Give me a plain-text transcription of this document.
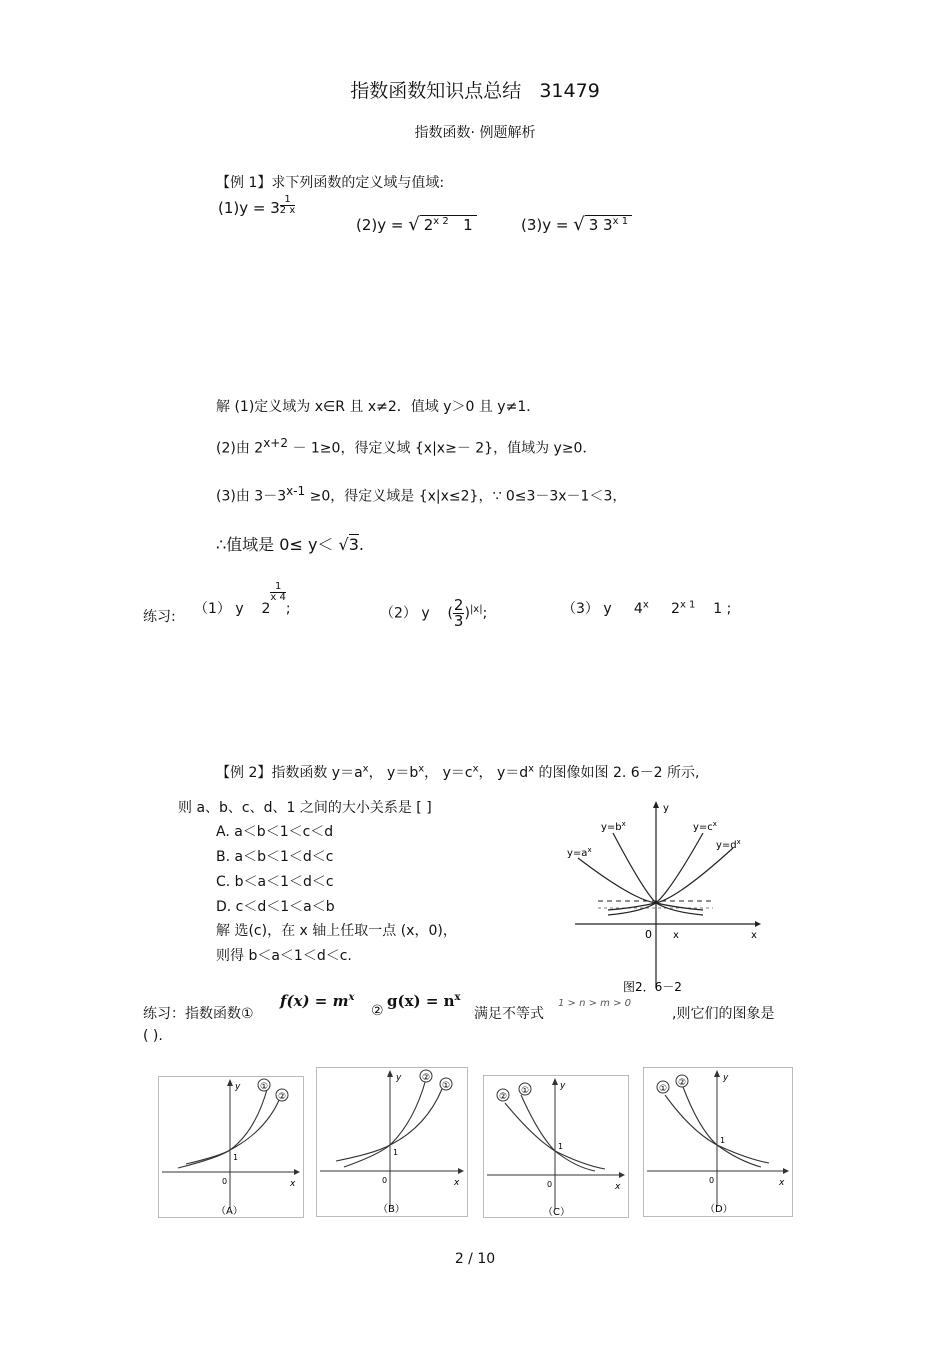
指数函数知识点总结 31479
指数函数· 例题解析
【例 1】求下列函数的定义域与值域:
$(1)y = 3 \frac{1}{2 x}$
(2)y = √ $2^{x 2}$ 1	(3)y = √ 3 $3^{x 1}$
解 (1)定义域为 x∈R 且 x≠2．值域 y＞0 且 y≠1．
(2)由 $2^{x+2} - 1\ge 0$，得定义域 {x|x≥－ 2}，值域为 y≥0．
(3)由 $3-3^{x-1} \ge 0$，得定义域是 {x|x≤2}，∵ 0≤3－3x－1＜3，
∴值域是 0≤ y＜ √3.
练习: （1） y 2
$\frac{1}{x 4}$
;	（2） y    ( $\frac{2}{3} )^{|x|}$;	（3） y 4$^x$ $2^{x 1}$ 1 ;
【例 2】指数函数 $y=a^x$， $y=b^x$， $y=c^x$， $y=d^x$ 的图像如图 2. 6－2 所示,
则 a、b、c、d、1 之间的大小关系是 [ ]
A. a＜b＜1＜c＜d
B. a＜b＜1＜d＜c
C. b＜a＜1＜d＜c
D. c＜d＜1＜a＜b
解 选(c)，在 x 轴上任取一点 (x，0)，
则得 b＜a＜1＜d＜c.
$y=b^x$	$y=c^x$
$y=a^x$	$y=d^x$
y
x
0 x
图2．6－2
练习：指数函数①
$f(x) = m^x$
②
$g(x) = n^x$
满足不等式
1 > n > m > 0
,则它们的图象是
( ).
①
②
y
x
0
1
（A）
②
①
y
x
0
1
（B）
②
①	y
x
0
1
（C）
①
②	y
x
0
1
（D）
2 / 10
